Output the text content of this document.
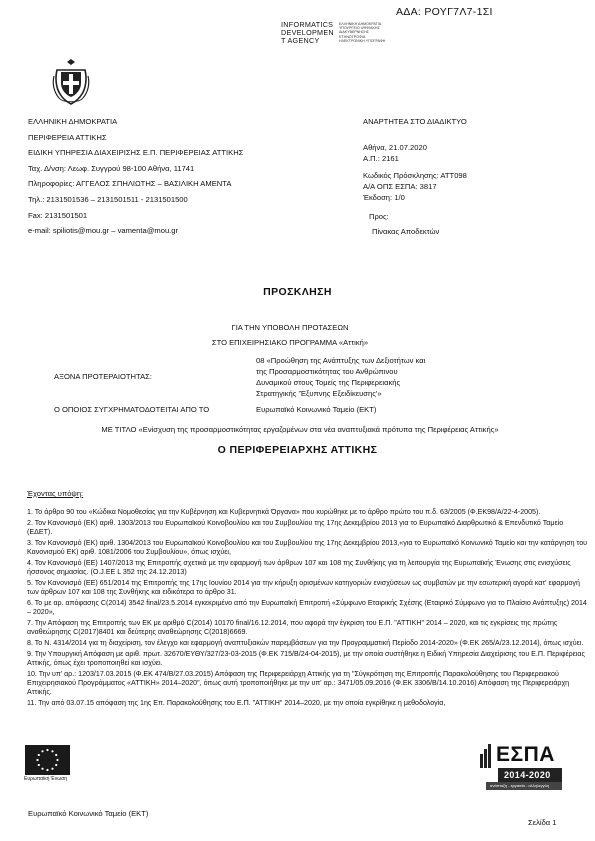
ΑΔΑ: ΡΟΥΓ7Λ7-1ΣΙ
INFORMATICS
DEVELOPMEN
T AGENCY
ΕΛΛΗΝΙΚΗ ΔΗΜΟΚΡΑΤΙΑ
ΥΠΟΥΡΓΕΙΟ ΨΗΦΙΑΚΗΣ
ΔΙΑΚΥΒΕΡΝΗΣΗΣ
ΚΤΗΝΟΤΡΟΦΙΑ
ΗΛΕΚΤΡΟΝΙΚΗ ΥΠΟΓΡΑΦΗ
ΕΛΛΗΝΙΚΗ ΔΗΜΟΚΡΑΤΙΑ
ΠΕΡΙΦΕΡΕΙΑ ΑΤΤΙΚΗΣ
ΕΙΔΙΚΗ ΥΠΗΡΕΣΙΑ ΔΙΑΧΕΙΡΙΣΗΣ Ε.Π. ΠΕΡΙΦΕΡΕΙΑΣ ΑΤΤΙΚΗΣ
Ταχ. Δ/νση: Λεωφ. Συγγρού 98-100 Αθήνα, 11741
Πληροφορίες: ΑΓΓΕΛΟΣ ΣΠΗΛΙΩΤΗΣ – ΒΑΣΙΛΙΚΗ ΑΜΕΝΤΑ
Τηλ.: 2131501536 – 2131501511 - 2131501500
Fax: 2131501501
e-mail: spiliotis@mou.gr – vamenta@mou.gr
ΑΝΑΡΤΗΤΕΑ ΣΤΟ ΔΙΑΔΙΚΤΥΟ
Αθήνα, 21.07.2020
Α.Π.: 2161
Κωδικός Πρόσκλησης: ΑΤΤ098
Α/Α ΟΠΣ ΕΣΠΑ: 3817
Έκδοση: 1/0
Προς:
Πίνακας Αποδεκτών
ΠΡΟΣΚΛΗΣΗ
ΓΙΑ ΤΗΝ ΥΠΟΒΟΛΗ ΠΡΟΤΑΣΕΩΝ
ΣΤΟ ΕΠΙΧΕΙΡΗΣΙΑΚΟ ΠΡΟΓΡΑΜΜΑ «Αττική»
ΑΞΟΝΑ ΠΡΟΤΕΡΑΙΟΤΗΤΑΣ:
08 «Προώθηση της Ανάπτυξης των Δεξιοτήτων και
της Προσαρμοστικότητας του Ανθρώπινου
Δυναμικού στους Τομείς της Περιφερειακής
Στρατηγικής 'Έξυπνης Εξειδίκευσης'»
Ο ΟΠΟΙΟΣ ΣΥΓΧΡΗΜΑΤΟΔΟΤΕΙΤΑΙ ΑΠΟ ΤΟ	Ευρωπαϊκό Κοινωνικό Ταμείο (ΕΚΤ)
ΜΕ ΤΙΤΛΟ «Ενίσχυση της προσαρμοστικότητας εργαζομένων στα νέα αναπτυξιακά πρότυπα της Περιφέρειας Αττικής»
Ο ΠΕΡΙΦΕΡΕΙΑΡΧΗΣ ΑΤΤΙΚΗΣ
Έχοντας υπόψη:
1. Το άρθρο 90 του «Κώδικα Νομοθεσίας για την Κυβέρνηση και Κυβερνητικά Όργανα» που κυρώθηκε με το άρθρο πρώτο του π.δ. 63/2005 (Φ.ΕΚ98/Α/22-4-2005).
2. Τον Κανονισμό (ΕΚ) αριθ. 1303/2013 του Ευρωπαϊκού Κοινοβουλίου και του Συμβουλίου της 17ης Δεκεμβρίου 2013 για το Ευρωπαϊκό Διαρθρωτικό & Επενδυτικό Ταμείο (ΕΔΕΤ).
3. Τον Κανονισμό (ΕΚ) αριθ. 1304/2013 του Ευρωπαϊκού Κοινοβουλίου και του Συμβουλίου της 17ης Δεκεμβρίου 2013,«για το Ευρωπαϊκό Κοινωνικό Ταμείο και την κατάργηση του Κανονισμού ΕΚ) αριθ. 1081/2006 του Συμβουλίου», όπως ισχύει,
4. Τον Κανονισμό (ΕΕ) 1407/2013 της Επιτροπής σχετικά με την εφαρμογή των άρθρων 107 και 108 της Συνθήκης για τη λειτουργία της Ευρωπαϊκής Ένωσης στις ενισχύσεις ήσσονος σημασίας. (Ο.J.EE L 352 της 24.12.2013)
5. Τον Κανονισμό (ΕΕ) 651/2014 της Επιτροπής της 17ης Ιουνίου 2014 για την κήρυξη ορισμένων κατηγοριών ενισχύσεων ως συμβατών με την εσωτερική αγορά κατ' εφαρμογή των άρθρων 107 και 108 της Συνθήκης και ειδικότερα το άρθρο 31.
6. Το με αρ. απόφασης C(2014) 3542 final/23.5.2014 εγκεκριμένο από την Ευρωπαϊκή Επιτροπή «Σύμφωνο Εταιρικής Σχέσης (Εταιρικό Σύμφωνο για το Πλαίσιο Ανάπτυξης) 2014 – 2020»,
7. Την Απόφαση της Επιτροπής των ΕΚ με αριθμό C(2014) 10170 final/16.12.2014, που αφορά την έγκριση του Ε.Π. "ΑΤΤΙΚΗ" 2014 – 2020, και τις εγκρίσεις της πρώτης αναθεώρησης C(2017)8401 και δεύτερης αναθεώρησης C(2018)6669.
8. Το Ν. 4314/2014 για τη διαχείριση, τον έλεγχο και εφαρμογή αναπτυξιακών παρεμβάσεων για την Προγραμματική Περίοδο 2014-2020» (Φ.ΕΚ 265/Α/23.12.2014), όπως ισχύει.
9. Την Υπουργική Απόφαση με αριθ. πρωτ. 32670/ΕΥΘΥ/327/23-03-2015 (Φ.ΕΚ 715/Β/24-04-2015), με την οποία συστήθηκε η Ειδική Υπηρεσία Διαχείρισης του Ε.Π. Περιφέρειας Αττικής, όπως έχει τροποποιηθεί και ισχύει.
10. Την υπ' αρ.: 1203/17.03.2015 (Φ.ΕΚ 474/Β/27.03.2015) Απόφαση της Περιφερειάρχη Αττικής για τη "Σύγκρότηση της Επιτροπής Παρακολούθησης του Περιφερειακού Επιχειρησιακού Προγράμματος «ΑΤΤΙΚΗ» 2014–2020", όπως αυτή τροποποιήθηκε με την υπ' αρ.: 3471/05.09.2016 (Φ.ΕΚ 3306/Β/14.10.2016) Απόφαση της Περιφερειάρχη Αττικής.
11. Την από 03.07.15 απόφαση της 1ης Επ. Παρακολούθησης του Ε.Π. "ΑΤΤΙΚΗ" 2014–2020, με την οποία εγκρίθηκε η μεθοδολογία,
Ευρωπαϊκή Ένωση
ΕΣΠΑ
2014-2020
ανάπτυξη - εργασία - αλληλεγγύη
Ευρωπαϊκό Κοινωνικό Ταμείο (ΕΚΤ)
Σελίδα 1
